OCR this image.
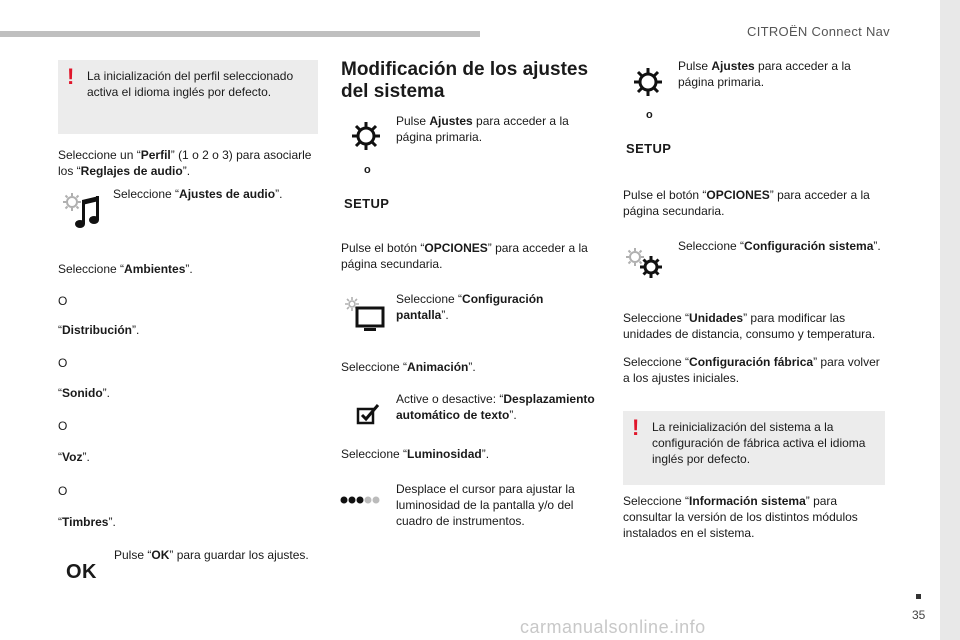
CITROËN Connect Nav
35
carmanualsonline.info
! La inicialización del perfil seleccionado activa el idioma inglés por defecto.
Seleccione un “Perfil” (1 o 2 o 3) para asociarle los “Reglajes de audio”.
Seleccione “Ajustes de audio”.
Seleccione “Ambientes”.
O
“Distribución”.
O
“Sonido”.
O
“Voz”.
O
“Timbres”.
Pulse “OK” para guardar los ajustes.
OK
Modificación de los ajustes del sistema
Pulse Ajustes para acceder a la página primaria.
o
SETUP
Pulse el botón “OPCIONES” para acceder a la página secundaria.
Seleccione “Configuración pantalla”.
Seleccione “Animación”.
Active o desactive: “Desplazamiento automático de texto”.
Seleccione “Luminosidad”.
Desplace el cursor para ajustar la luminosidad de la pantalla y/o del cuadro de instrumentos.
Pulse Ajustes para acceder a la página primaria.
o
SETUP
Pulse el botón “OPCIONES” para acceder a la página secundaria.
Seleccione “Configuración sistema”.
Seleccione “Unidades” para modificar las unidades de distancia, consumo y temperatura.
Seleccione “Configuración fábrica” para volver a los ajustes iniciales.
! La reinicialización del sistema a la configuración de fábrica activa el idioma inglés por defecto.
Seleccione “Información sistema” para consultar la versión de los distintos módulos instalados en el sistema.
